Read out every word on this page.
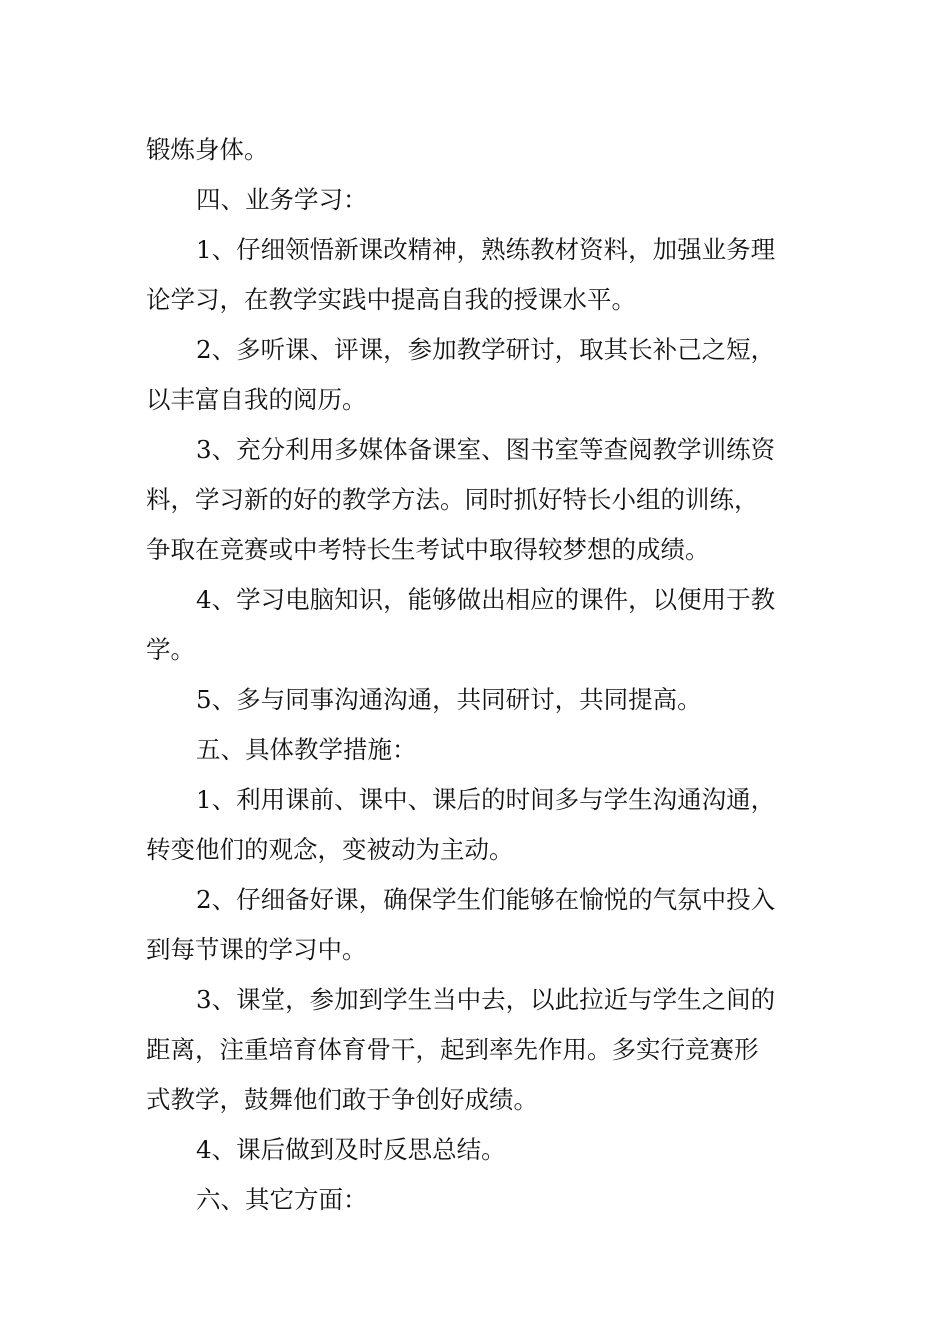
锻炼身体。
四、业务学习：
1、仔细领悟新课改精神，熟练教材资料，加强业务理
论学习，在教学实践中提高自我的授课水平。
2、多听课、评课，参加教学研讨，取其长补己之短，
以丰富自我的阅历。
3、充分利用多媒体备课室、图书室等查阅教学训练资
料，学习新的好的教学方法。同时抓好特长小组的训练，
争取在竞赛或中考特长生考试中取得较梦想的成绩。
4、学习电脑知识，能够做出相应的课件，以便用于教
学。
5、多与同事沟通沟通，共同研讨，共同提高。
五、具体教学措施：
1、利用课前、课中、课后的时间多与学生沟通沟通，
转变他们的观念，变被动为主动。
2、仔细备好课，确保学生们能够在愉悦的气氛中投入
到每节课的学习中。
3、课堂，参加到学生当中去，以此拉近与学生之间的
距离，注重培育体育骨干，起到率先作用。多实行竞赛形
式教学，鼓舞他们敢于争创好成绩。
4、课后做到及时反思总结。
六、其它方面：
